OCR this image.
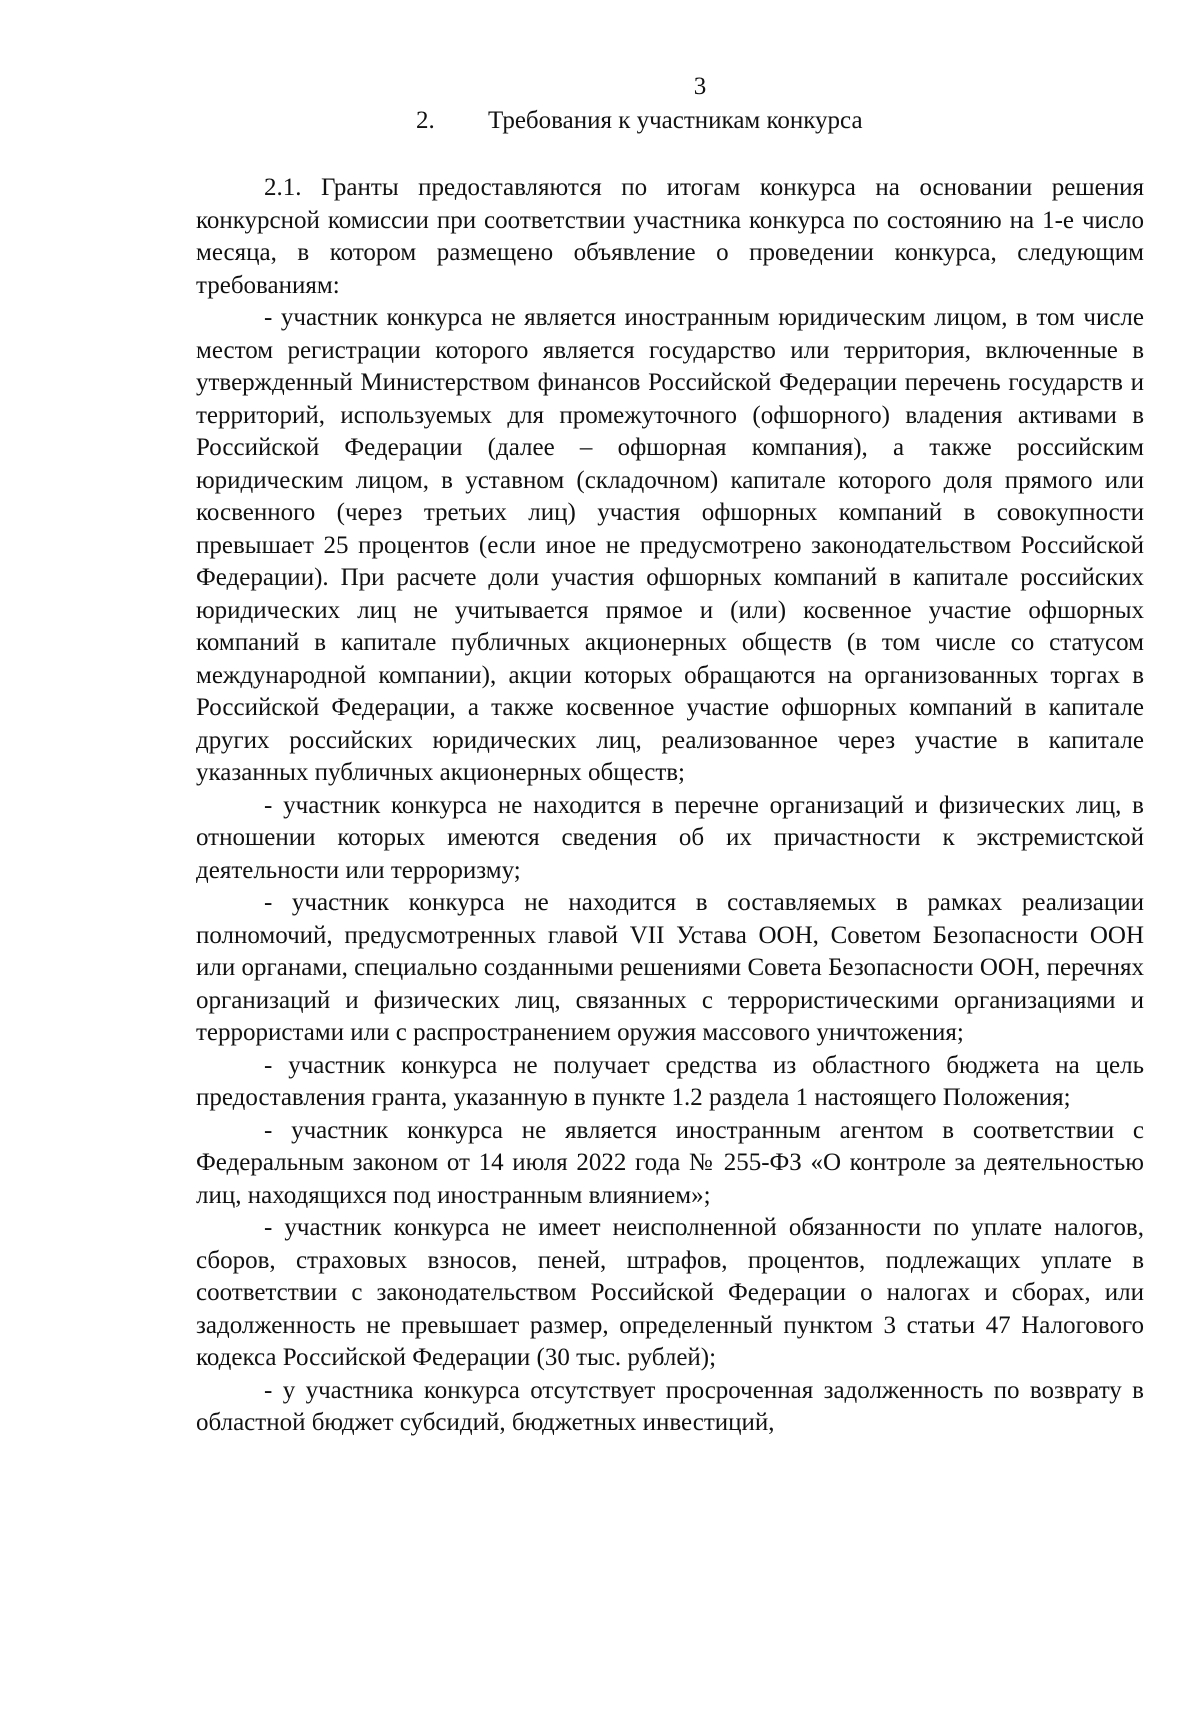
3
2. Требования к участникам конкурса

2.1. Гранты предоставляются по итогам конкурса на основании решения конкурсной комиссии при соответствии участника конкурса по состоянию на 1-е число месяца, в котором размещено объявление о проведении конкурса, следующим требованиям:

- участник конкурса не является иностранным юридическим лицом, в том числе местом регистрации которого является государство или территория, включенные в утвержденный Министерством финансов Российской Федерации перечень государств и территорий, используемых для промежуточного (офшорного) владения активами в Российской Федерации (далее – офшорная компания), а также российским юридическим лицом, в уставном (складочном) капитале которого доля прямого или косвенного (через третьих лиц) участия офшорных компаний в совокупности превышает 25 процентов (если иное не предусмотрено законодательством Российской Федерации). При расчете доли участия офшорных компаний в капитале российских юридических лиц не учитывается прямое и (или) косвенное участие офшорных компаний в капитале публичных акционерных обществ (в том числе со статусом международной компании), акции которых обращаются на организованных торгах в Российской Федерации, а также косвенное участие офшорных компаний в капитале других российских юридических лиц, реализованное через участие в капитале указанных публичных акционерных обществ;

- участник конкурса не находится в перечне организаций и физических лиц, в отношении которых имеются сведения об их причастности к экстремистской деятельности или терроризму;

- участник конкурса не находится в составляемых в рамках реализации полномочий, предусмотренных главой VII Устава ООН, Советом Безопасности ООН или органами, специально созданными решениями Совета Безопасности ООН, перечнях организаций и физических лиц, связанных с террористическими организациями и террористами или с распространением оружия массового уничтожения;

- участник конкурса не получает средства из областного бюджета на цель предоставления гранта, указанную в пункте 1.2 раздела 1 настоящего Положения;

- участник конкурса не является иностранным агентом в соответствии с Федеральным законом от 14 июля 2022 года № 255-ФЗ «О контроле за деятельностью лиц, находящихся под иностранным влиянием»;

- участник конкурса не имеет неисполненной обязанности по уплате налогов, сборов, страховых взносов, пеней, штрафов, процентов, подлежащих уплате в соответствии с законодательством Российской Федерации о налогах и сборах, или задолженность не превышает размер, определенный пунктом 3 статьи 47 Налогового кодекса Российской Федерации (30 тыс. рублей);

- у участника конкурса отсутствует просроченная задолженность по возврату в областной бюджет субсидий, бюджетных инвестиций,
